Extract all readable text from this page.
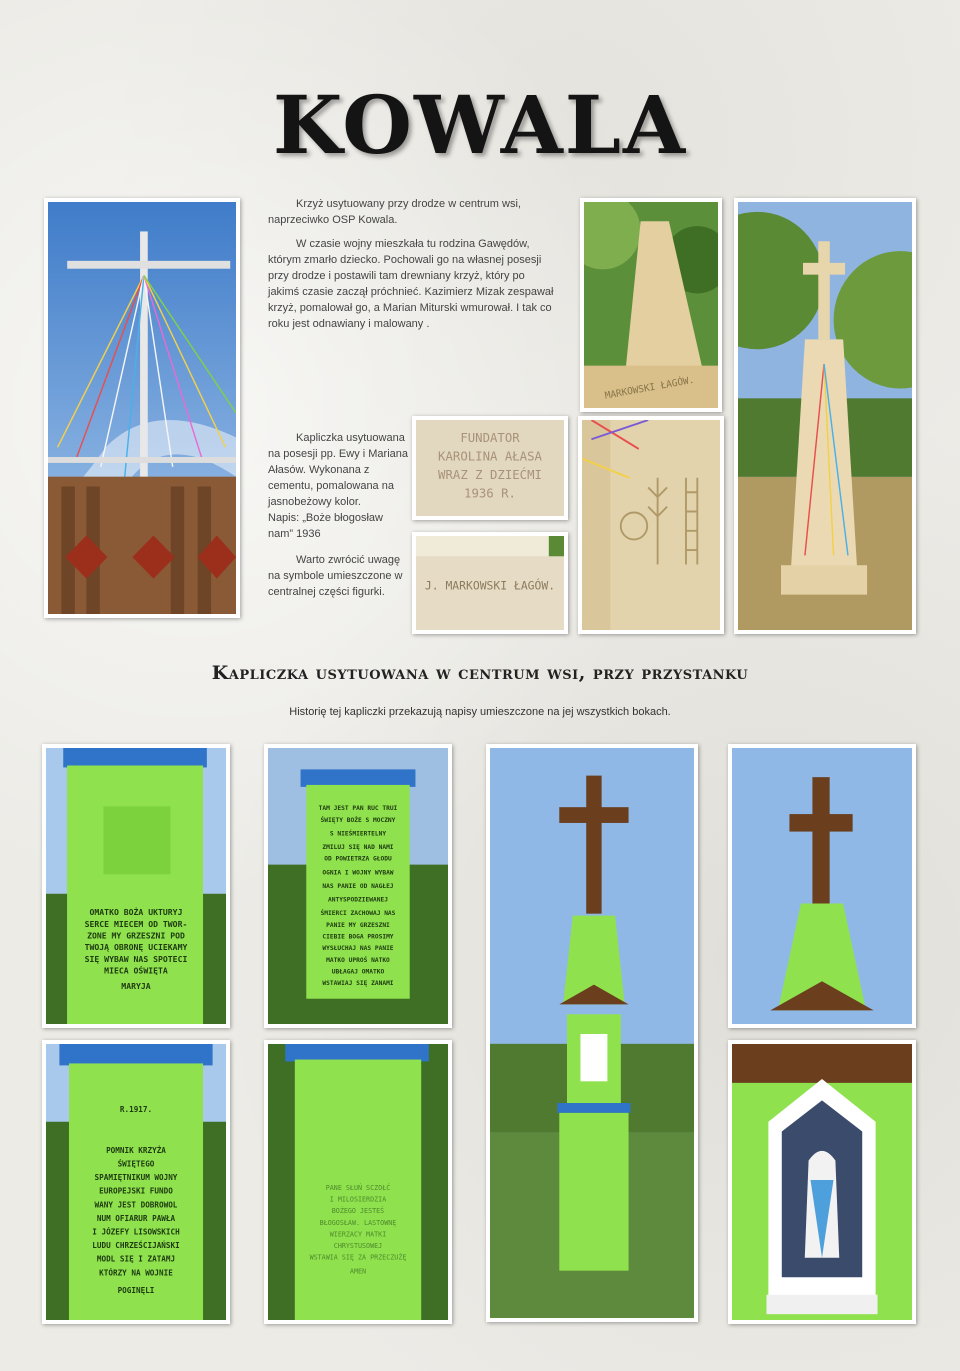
KOWALA

Krzyż usytuowany przy drodze w centrum wsi, naprzeciwko OSP Kowala.

W czasie wojny mieszkała tu rodzina Gawędów, którym zmarło dziecko. Pochowali go na własnej posesji przy drodze i postawili tam drewniany krzyż, który po jakimś czasie zaczął próchnieć. Kazimierz Mizak zespawał krzyż, pomalował go, a Marian Miturski wmurował. I tak co roku jest odnawiany i malowany .

Kapliczka usytuowana na posesji pp. Ewy i Mariana Ałasów. Wykonana z cementu, pomalowana na jasnobeżowy kolor.

Napis: „Boże błogosław nam” 1936

Warto zwrócić uwagę na symbole umieszczone w centralnej części figurki.

MARKOWSKI ŁAGÓW.
FUNDATOR
KAROLINA AŁASA
WRAZ Z DZIEĆMI
1936 R.
J. MARKOWSKI ŁAGÓW.
Kapliczka usytuowana w centrum wsi, przy przystanku
Historię tej kapliczki przekazują napisy umieszczone na jej wszystkich bokach.
OMATKO BOŻA UKTURYJ
SERCE MIECEM OD TWOR-
ZONE MY GRZESZNI POD
TWOJĄ OBRONĘ UCIEKAMY
SIĘ WYBAW NAS SPOTECI
MIECA OŚWIĘTA
MARYJA
TAM JEST PAN RUC TRUI
ŚWIĘTY BOŻE S MOCZNY
S NIEŚMIERTELNY
ZMILUJ SIĘ NAD NAMI
OD POWIETRZA GŁODU
OGNIA I WOJNY WYBAW
NAS PANIE OD NAGŁEJ
ANTYSPODZIEWANEJ
ŚMIERCI ZACHOWAJ NAS
PANIE MY GRZESZNI
CIEBIE BOGA PROSIMY
WYSŁUCHAJ NAS PANIE
MATKO UPROŚ NATKO
UBŁAGAJ OMATKO
WSTAWIAJ SIĘ ZANAMI
R.1917.
POMNIK KRZYŻA
ŚWIĘTEGO
SPAMIĘTNIKUM WOJNY
EUROPEJSKI FUNDO
WANY JEST DOBROWOL
NUM OFIARUR PAWŁA
I JÓZEFY LISOWSKICH
LUDU CHRZEŚCIJAŃSKI
MODL SIĘ I ZATAMJ
KTÓRZY NA WOJNIE
POGINĘLI
PANE SŁUŃ SCZOŁĆ
I MILOSIERDZIA
BOŻEGO JESTEŚ
BŁOGOSŁAW. LASTOWNĘ
WIERZACY MATKI
CHRYSTUSOWEJ
WSTAWIA SIĘ ZA PRZECZUŻĘ
AMEN
